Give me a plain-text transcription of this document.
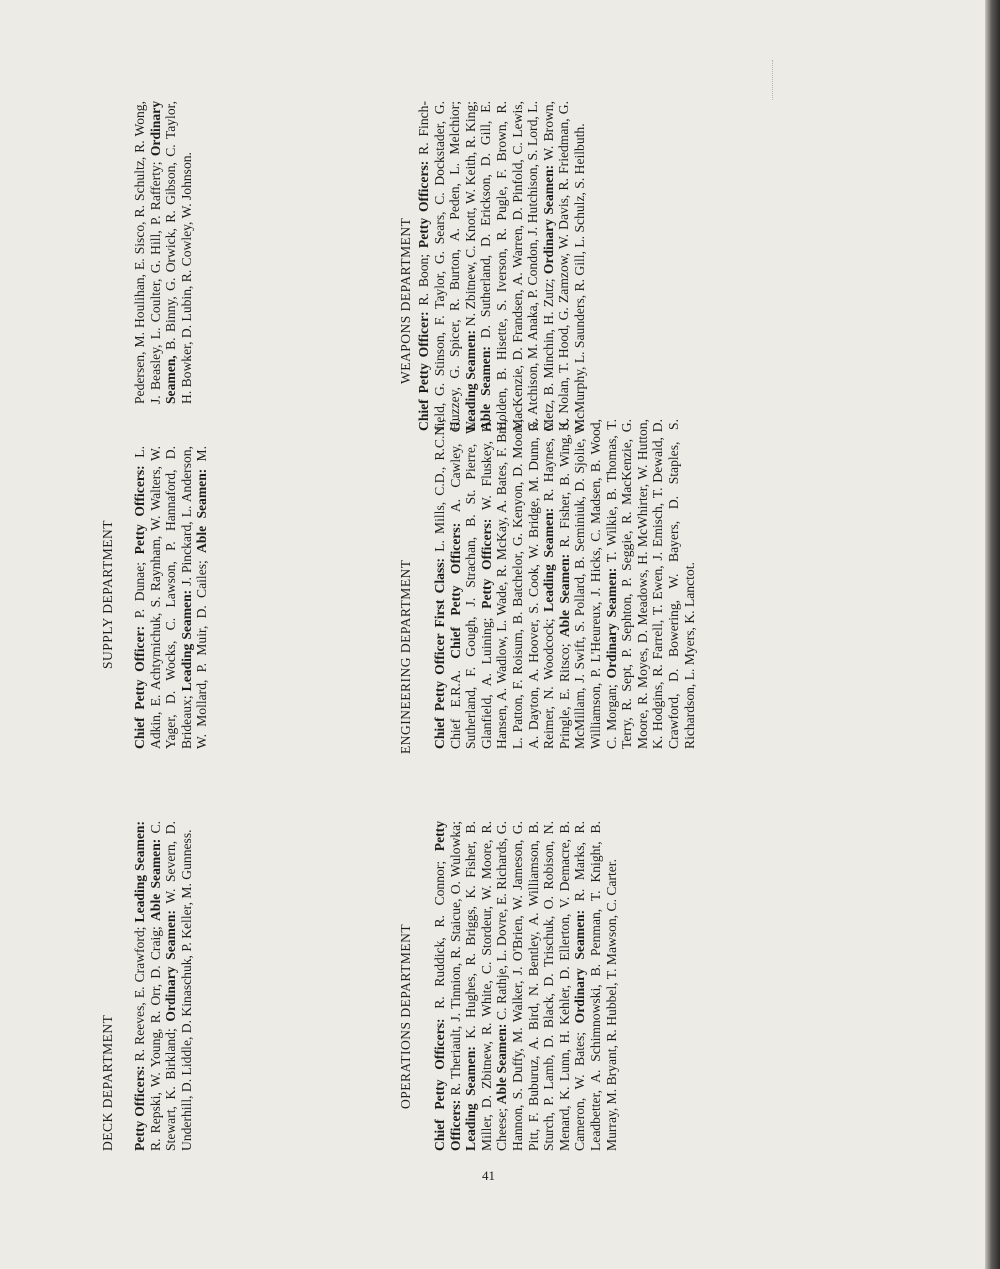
DECK DEPARTMENT Petty Officers: R. Reeves, E. Crawford; Leading Seamen: R. Repski, W. Young, R. Orr, D. Craig; Able Seamen: C. Stewart, K. Birkland; Ordinary Seamen: W. Severn, D. Underhill, D. Liddle, D. Kinaschuk, P. Keller, M. Gunness.
SUPPLY DEPARTMENT
Chief Petty Officer: P. Dunae; Petty Officers: L. Adkin, E. Achtymichuk, S. Raynham, W. Walters, W. Yager, D. Wocks, C. Lawson, P. Hannaford, D. Brideaux; Leading Seamen: J. Pinckard, L. Anderson, W. Mollard, P. Muir, D. Cailes; Able Seamen: M. Pedersen, M. Houlihan, E. Sisco, R. Schultz, R. Wong, J. Beasley, L. Coulter, G. Hill, P. Rafferty; Ordinary Seamen, B. Binny, G. Orwick, R. Gibson, C. Taylor, H. Bowker, D. Lubin, R. Cowley, W. Johnson.
OPERATIONS DEPARTMENT Chief Petty Officers: R. Ruddick, R. Connor; Petty Officers: R. Theriault, J. Tinnion, R. Staicue, O. Wulowka; Leading Seamen: K. Hughes, R. Briggs, K. Fisher, B. Miller, D. Zbitnew, R. White, C. Stordeur, W. Moore, R. Cheese; Able Seamen: C. Rathje, L. Dovre, E. Richards, G. Hannon, S. Duffy, M. Walker, J. O'Brien, W. Jameson, G. Pitt, F. Buburuz, A. Bird, N. Bentley, A. Williamson, B. Sturch, P. Lamb, D. Black, D. Trischuk, O. Robison, N. Menard, K. Lunn, H. Kehler, D. Ellerton, V. Demacre, B. Cameron, W. Bates; Ordinary Seamen: R. Marks, R. Leadbetter, A. Schimnowski, B. Penman, T. Knight, B. Murray, M. Bryant, R. Hubbel, T. Mawson, C. Carter.
ENGINEERING DEPARTMENT Chief Petty Officer First Class: L. Mills, C.D., R.C.N., Chief E.R.A. Chief Petty Officers: A. Cawley, G. Sutherland, F. Gough, J. Strachan, B. St. Pierre, W. Glanfield, A. Luining; Petty Officers: W. Fluskey, H. Hansen, A. Wadlow, L. Wade, R. McKay, A. Bates, F. Bro, L. Patton, F. Roisum, B. Batchelor, G. Kenyon, D. Moore, A. Dayton, A. Hoover, S. Cook, W. Bridge, M. Dunn, R. Reimer, N. Woodcock; Leading Seamen: R. Haynes, C. Pringle, E. Ritsco; Able Seamen: R. Fisher, B. Wing, J. McMillam, J. Swift, S. Pollard, B. Seminiuk, D. Sjolie, W. Williamson, P. L'Heureux, J. Hicks, C. Madsen, B. Wood, C. Morgan; Ordinary Seamen: T. Wilkie, B. Thomas, T. Terry, R. Sept, P. Sephton, P. Seggie, R. MacKenzie, G. Moore, R. Moyes, D. Meadows, H. McWhirter, W. Hutton, K. Hodgins, R. Farrell, T. Ewen, J. Emisch, T. Dewald, D. Crawford, D. Bowering, W. Bayers, D. Staples, S. Richardson, L. Myers, K. Lanctot.
WEAPONS DEPARTMENT Chief Petty Officer: R. Boon; Petty Officers: R. Finch-field, G. Stinson, F. Taylor, G. Sears, C. Dockstader, G. Huzzey, G. Spicer, R. Burton, A. Peden, L. Melchior; Leading Seamen: N. Zbitnew, C. Knott, W. Keith, R. King; Able Seamen: D. Sutherland, D. Erickson, D. Gill, E. Holden, B. Hisette, S. Iverson, R. Pugle, F. Brown, R. MacKenzie, D. Frandsen, A. Warren, D. Pinfold, C. Lewis, G. Atchison, M. Anaka, P. Condon, J. Hutchison, S. Lord, L. Metz, B. Minchin, H. Zutz; Ordinary Seamen: W. Brown, K. Nolan, T. Hood, G. Zamzow, W. Davis, R. Friedman, G. McMurphy, L. Saunders, R. Gill, L. Schulz, S. Heilbuth.
41
